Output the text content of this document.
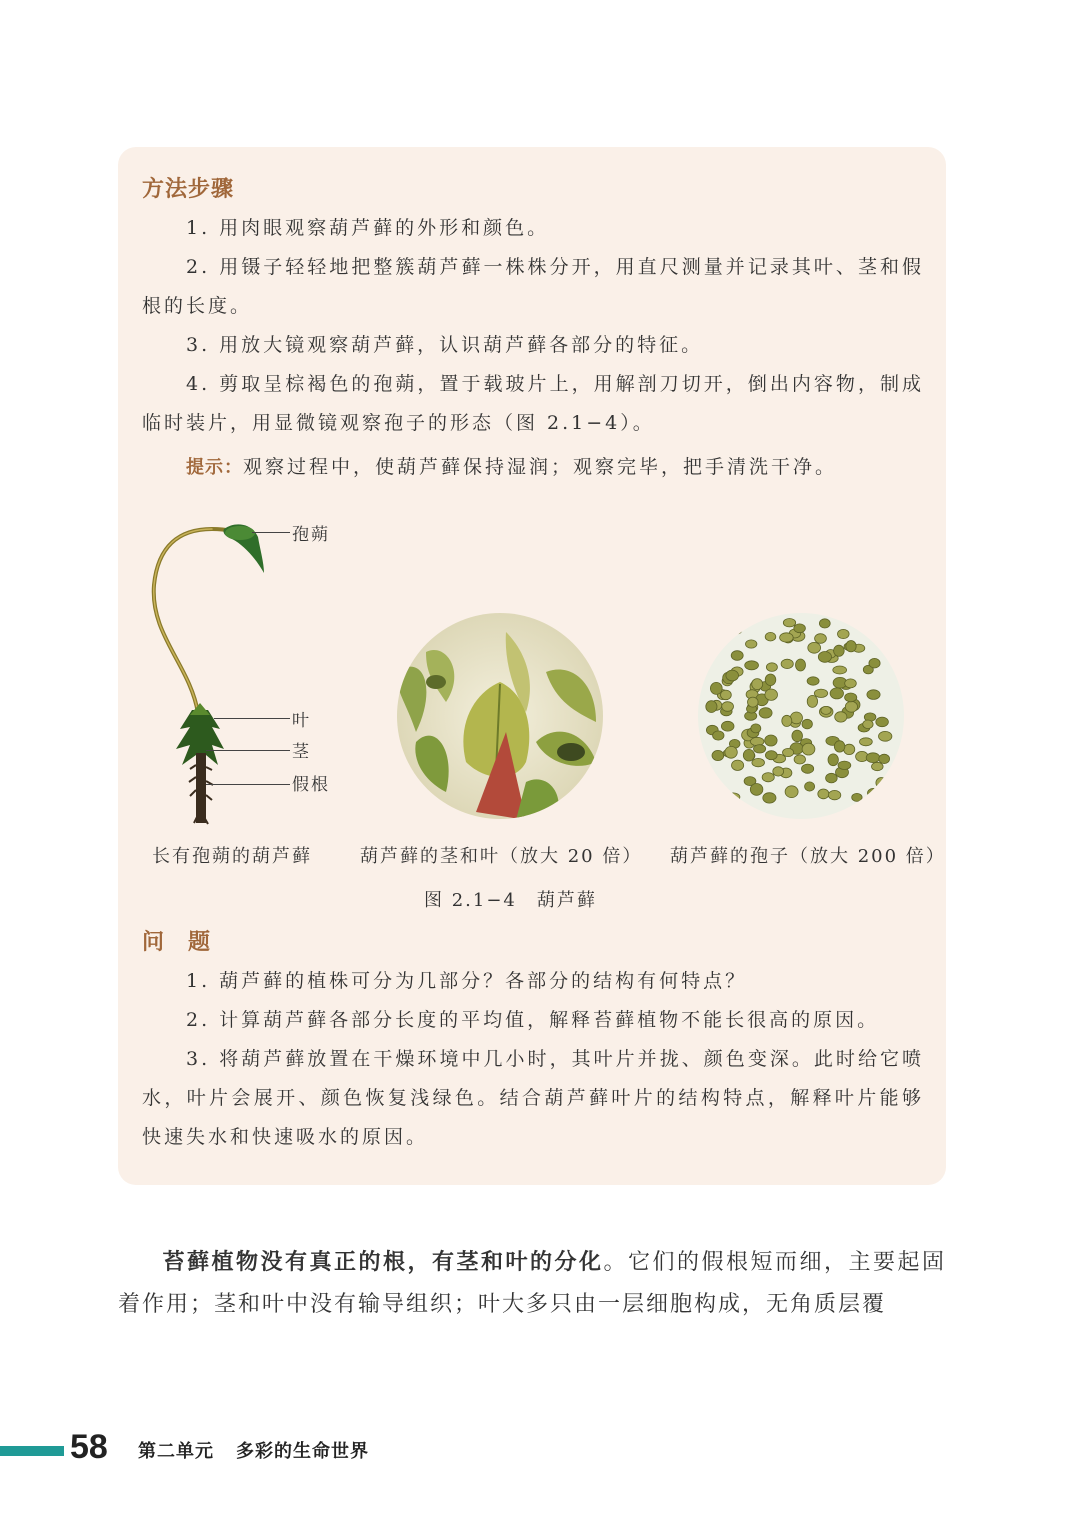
方法步骤
1. 用肉眼观察葫芦藓的外形和颜色。
2. 用镊子轻轻地把整簇葫芦藓一株株分开，用直尺测量并记录其叶、茎和假根的长度。
3. 用放大镜观察葫芦藓，认识葫芦藓各部分的特征。
4. 剪取呈棕褐色的孢蒴，置于载玻片上，用解剖刀切开，倒出内容物，制成临时装片，用显微镜观察孢子的形态（图 2.1−4）。
提示：观察过程中，使葫芦藓保持湿润；观察完毕，把手清洗干净。
孢蒴
叶
茎
假根
长有孢蒴的葫芦藓	葫芦藓的茎和叶（放大 20 倍） 葫芦藓的孢子（放大 200 倍）
图 2.1−4　葫芦藓
问　题
1. 葫芦藓的植株可分为几部分？各部分的结构有何特点？
2. 计算葫芦藓各部分长度的平均值，解释苔藓植物不能长很高的原因。
3. 将葫芦藓放置在干燥环境中几小时，其叶片并拢、颜色变深。此时给它喷水，叶片会展开、颜色恢复浅绿色。结合葫芦藓叶片的结构特点，解释叶片能够快速失水和快速吸水的原因。
苔藓植物没有真正的根，有茎和叶的分化。它们的假根短而细，主要起固着作用；茎和叶中没有输导组织；叶大多只由一层细胞构成，无角质层覆
58 第二单元 多彩的生命世界
